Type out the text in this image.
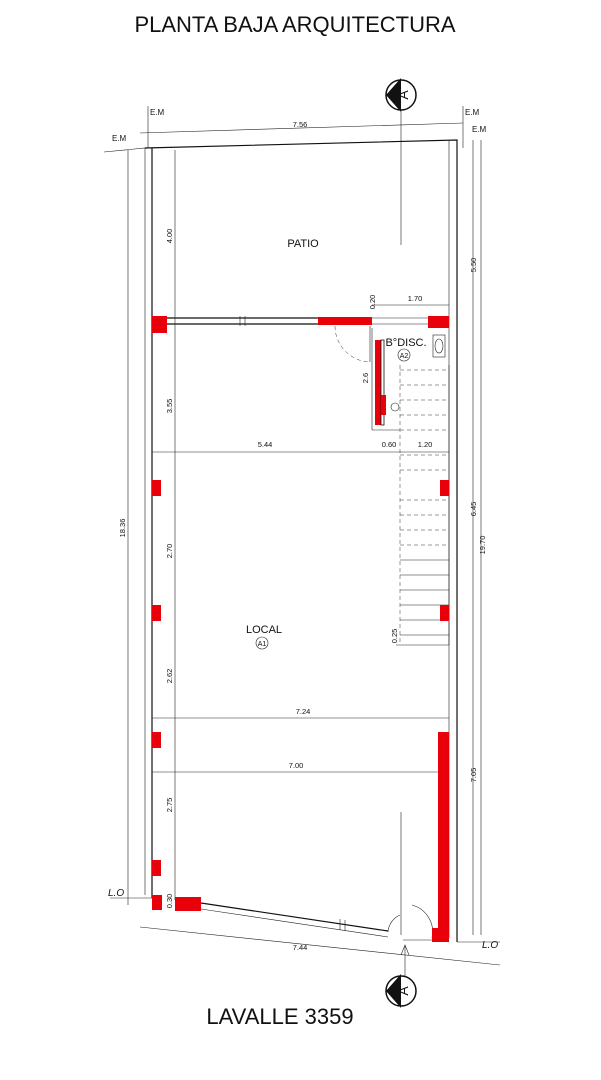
PLANTA BAJA ARQUITECTURA
A
E.M	E.M
E.M
E.M
7.56
PATIO
4.00
3.55
2.70
2.62
2.75
0.30
18.36
5.50
6.45
19.70
7.05
0.20	1.70
B°DISC.
A2
2.6
5.44	0.60	1.20
LOCAL
A1
0.25
7.24
7.00
L.O
L.O
7.44
A
LAVALLE 3359
